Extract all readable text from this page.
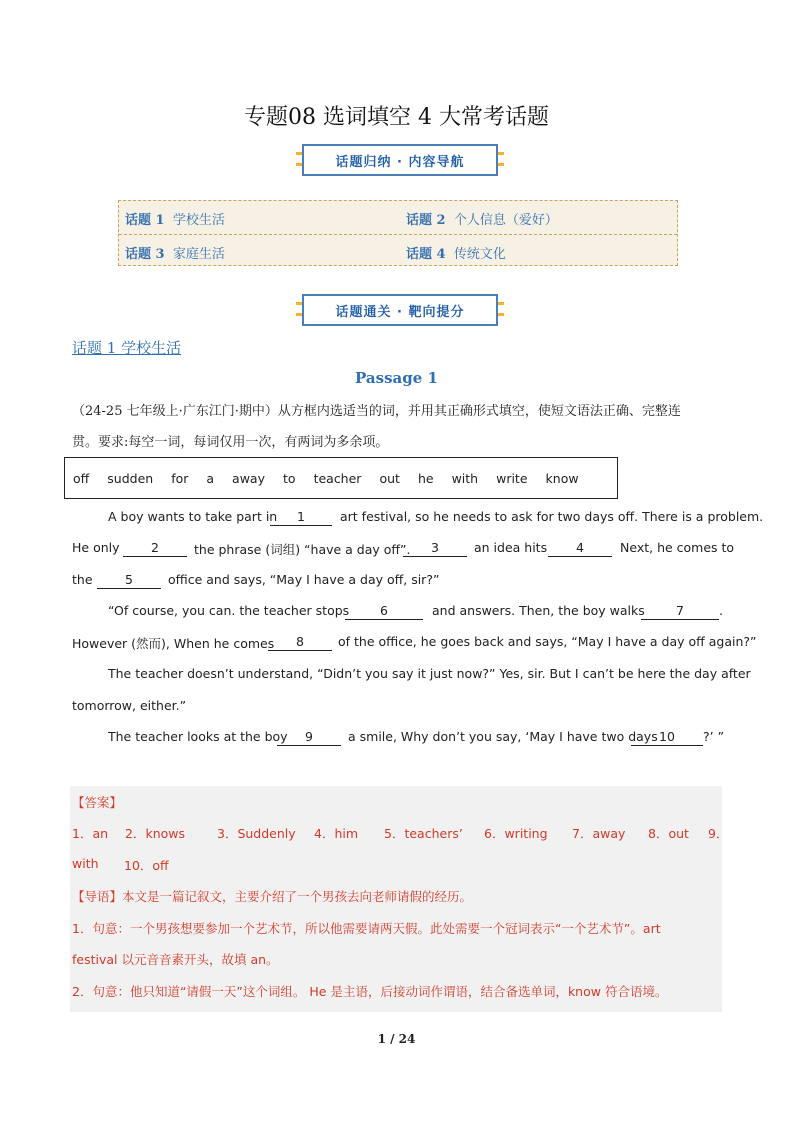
专题08 选词填空 4 大常考话题
话题归纳 · 内容导航
话题 1 学校生活	话题 2 个人信息（爱好）
话题 3 家庭生活	话题 4 传统文化
话题通关 · 靶向提分
话题 1 学校生活
Passage 1
（24-25 七年级上·广东江门·期中）从方框内选适当的词，并用其正确形式填空，使短文语法正确、完整连
贯。要求:每空一词，每词仅用一次，有两词为多余项。
off sudden for a away to teacher out he with write know
A boy wants to take part in	1	art festival, so he needs to ask for two days off. There is a problem.
He only	2	the phrase (词组) “have a day off”.	3	an idea hits	4	Next, he comes to
the	5	office and says, “May I have a day off, sir?”
“Of course, you can. the teacher stops	6	and answers. Then, the boy walks	7	.
However (然而), When he comes	8	of the office, he goes back and says, “May I have a day off again?”
The teacher doesn’t understand, “Didn’t you say it just now?” Yes, sir. But I can’t be here the day after
tomorrow, either.”
The teacher looks at the boy	9	a smile, Why don’t you say, ‘May I have two days 10	?’ ”
【答案】
1．an 2．knows	3．Suddenly 4．him 5．teachers’ 6．writing 7．away 8．out 9．
with 10．off
【导语】本文是一篇记叙文，主要介绍了一个男孩去向老师请假的经历。
1．句意：一个男孩想要参加一个艺术节，所以他需要请两天假。此处需要一个冠词表示“一个艺术节”。art
festival 以元音音素开头，故填 an。
2．句意：他只知道“请假一天”这个词组。 He 是主语，后接动词作谓语，结合备选单词，know 符合语境。
1 / 24
